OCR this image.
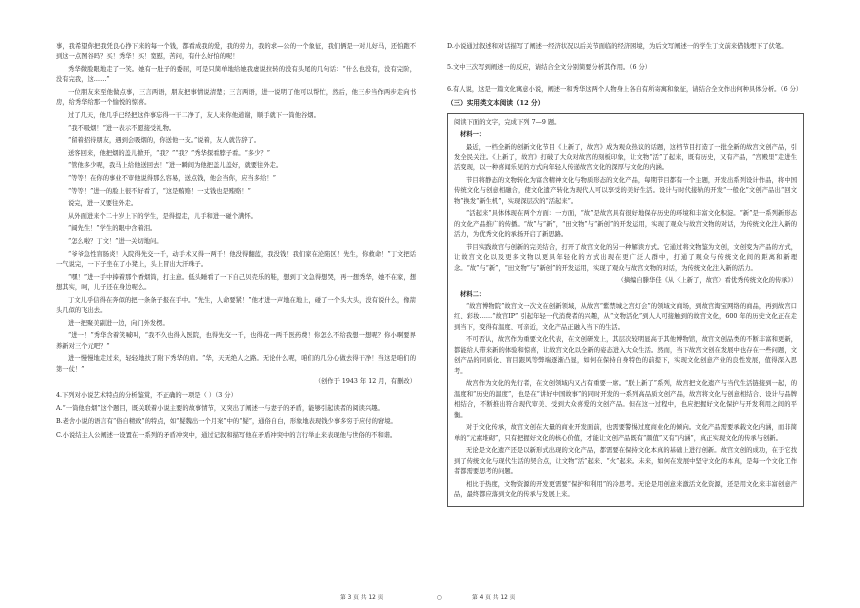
事，我希望你把我凭良心挣下来的每一个钱，都看成我的爱，我的劳力，我的求—公的一个象征，我们俩是一对儿好马，还怕跑不到这一点图谷吗？买！秀华！买！宽慰，苦问，有什么好怕的呢！

秀华微脸眼地走了一笑。她有一肚子的委屈，可是只简单地给她我虚说拉转的没有头尾的几句话：“什么也没有，没有完阶，没有完我，这……”

一位朋友来至他做点事，三言两语，朋友把事情说清楚；三言两语，进一说明了他可以帮忙，然后，他三步当作两步走向书房，给秀华给那一个愉悦的惊喜。

过了几天，他几乎已经把这件事忘得一干二净了，友人来你他道谢，顺手就下一筒他谷烟。

“我不吸烟！”进一表示不愿接受礼物。

“留着招待朋友，遇到会吸烟的，你送他一支。”说着，友人就告辞了。

送客回来，他把烟的盖儿掀开，“我？”“我？”秀华探看脖子看。“多少？”

“管他多少呢，我马上给他送回去！”进一瞬间为他把盖儿盖好，就要往外走。

“等等！在你的事业不审他说得那么容易，送点钱，他会当你，应当多给！”

“等等！”进一的脸上很不好看了，“这是贿赂！一丈钱也是贿赂！”

说完，进一又要往外走。

从外面进来个二十岁上下的学生，是得提走，儿手和进一碰个满怀。

“阔先生！”学生的眼中含着泪。

“怎么啦？丁文！”进一关切地问。

“爷爷急性盲肠炎！入院得先交一千，动手术又得一两千！他没得翻蓝，我没钱！我们家在沦陷区！先生，你救命！”丁文把话一气说完，一下子坐在了小凳上，头上冒出大汗珠子。

“嘿！”进一手中捧着那个香烟筒，打主意。低头睡看了一下自己贝壳乐的鞋，想到丁文急得想哭，再一想秀华，她不在家，想想其实，呵，儿子还在身边呢么。

丁文儿乎信得在奔似的把一条条子报在手中。“先生，人命要紧！”他才进一声地在地上，碰了一个头大头，没有说什么，像箭头几似的飞出去。

进一把聚美副进一边，向门外发楞。

“进一！”秀华含着笑喊叫，“我不久也得入医院，也得先交一千，也得花一两千医药费！你怎么不给我想一想呢？你小啊要界养新对三个元吧？”

进一慢慢地走过来，轻轻地扶了附下秀华的肩。“华，天无绝人之路。无论什么呢，咱们的几分心做去得干净！当这是咱们的第一仗！”

（创作于 1943 年 12 月，有删改）

4.下列对小说艺术特点的分析鉴赏，不正确的一项是（ ）（3 分）

A.“一筒他台烟”这个题目，既关联着小说主要的故事情节，又突出了阐述一与妻子的矛盾，能够引起读者的阅读兴趣。

B.老舍小说的语言有“俗自精致”的特点，如“疑魏出一个月案”中的“疑”，通俗自白，形象地表现钱少事多穷于应付的窘境。

C.小说结主人公阐述一设置在一系列的矛盾冲突中，通过记叙和描写他在矛盾冲突中的言行举止来表现他与世俗的不和谐。

D.小说通过叙述和对话描写了阐述一经济状况以后关节面临的经济困境，为后文写阐述一的学生丁文前来借钱埋下了伏笔。

5.文中三次写到阐述一的反应，请结合全文分别简要分析其作用。（6 分）

6.有人说，这是一篇文化寓意小说，阐述一和秀华这两个人物身上各自有所寄寓和象征，请结合全文作出何种具体分析。（6 分）

（三）实用类文本阅读（12 分）

阅读下面的文字，完成下列 7—9 题。

材料一：

最近，一档全新的创新文化节目《上新了，故宫》成为观众热议的话题，这档节目打造了一批全新的故宫文创产品，引发全民关注。《上新了，故宫》打破了大众对故宫的刻板印象，让文物“活”了起来，既有历史，又有产品，“宫殿里”走进生活变现，以一种喜闻乐见的方式向年轻人传递故宫文化的深厚与文化的内涵。

节目将静态的文物转化为富含精神文化与物质形态的文化产品，每期节目都有一个主题，开发出系列设计作品，将中国传统文化与创意相融合，使文化遗产转化为现代人可以享受的美好生活。设计与时代接轨的开发“一般化”文创产品出“回文物”换发“新生机”，实现深层次的“活起来”。

“活起来”具体体现在两个方面：一方面，“故”是故宫具有很好地保存历史的环境和丰富文化积淀。“新”是一系列新形态的文化产品推广的传播。“故”与“新”，“田文物”与“新创”的开发运用，实现了观众与故宫文物的对话，为传统文化注入新的活力，为优秀文化的承扬开启了新思路。

节目实践故宫与创新的完美结合，打开了故宫文化的另一种解读方式。它通过将文物鉴为文创，文创变为产品的方式，让故宫文化以及更多文物以更具年轻化的方式出现在更广泛人群中，打通了观众与传统文化间的距离和新理念。“故”与“新”，“田文物”与“新创”的开发运用，实现了观众与故宫文物的对话，为传统文化注入新的活力。

（摘编自滕华佳《从〈上新了，故宫〉看优秀传统文化的传承》）

材料二：

“故宫博物院”故宫文一次文在创新领域，从故宫“紫禁城之宫灯会”的领域文商场，到故宫淘宝网络的商品，再到故宫口红、彩妆……“故宫IP” 引起年轻一代消费者的兴趣，从“文物活化”到人人可接触到的故宫文化，600 年的历史文化正在走到当下，变得有温度、可亲近，文化产品正融入当下的生活。

不可否认，故宫作为重要文化代表，在文创研发上，其层次较明显高于其他博物馆，故宫文创品类的不断丰富和更新，都能给人带来新的体验和惊喜，让故宫文化以全新的姿态进入大众生活。然而，当下故宫文创在发展中也存在一些问题，文创产品的同质化、盲目跟风等弊端逐渐凸显，如何在保持自身特色的前提下，实现文化创意产业的良性发展，值得深入思考。

故宫作为文化的先行者，在文创领域内又占有重要一席。“朕上新了”系列，故宫把文化遗产与当代生活链接到一起，的温度和“历史的温度”，也是在“讲好中国故事”的同时开发的一系列高品质文创产品，故宫将文化与创意相结合、设计与品牌相结合，不断推出符合现代审美、受到大众喜爱的文创产品。但在这一过程中，也应把握好文化保护与开发利用之间的平衡。

对于文化传承，故宫文创在大量的商业开发面前，也需要警惕过度商业化的倾向。文化产品需要承载文化内涵，而非简单的“元素堆砌”，只有把握好文化的核心价值，才能让文创产品既有“颜值”又有“内涵”，真正实现文化的传承与创新。

无论是文化遗产还是以新形式出现的文化产品，都需要在保持文化本真的基础上进行创新。故宫文创的成功，在于它找到了传统文化与现代生活的契合点，让文物“活”起来、“火”起来。未来，如何在发展中坚守文化的本真，是每一个文化工作者都需要思考的问题。

相比于热度，文物资源的开发更需要“保护和利用”的冷思考。无论是用创意来激活文化资源，还是用文化来丰富创意产品，最终都应落到文化的传承与发展上来。

第 3 页 共 12 页	○	第 4 页 共 12 页
